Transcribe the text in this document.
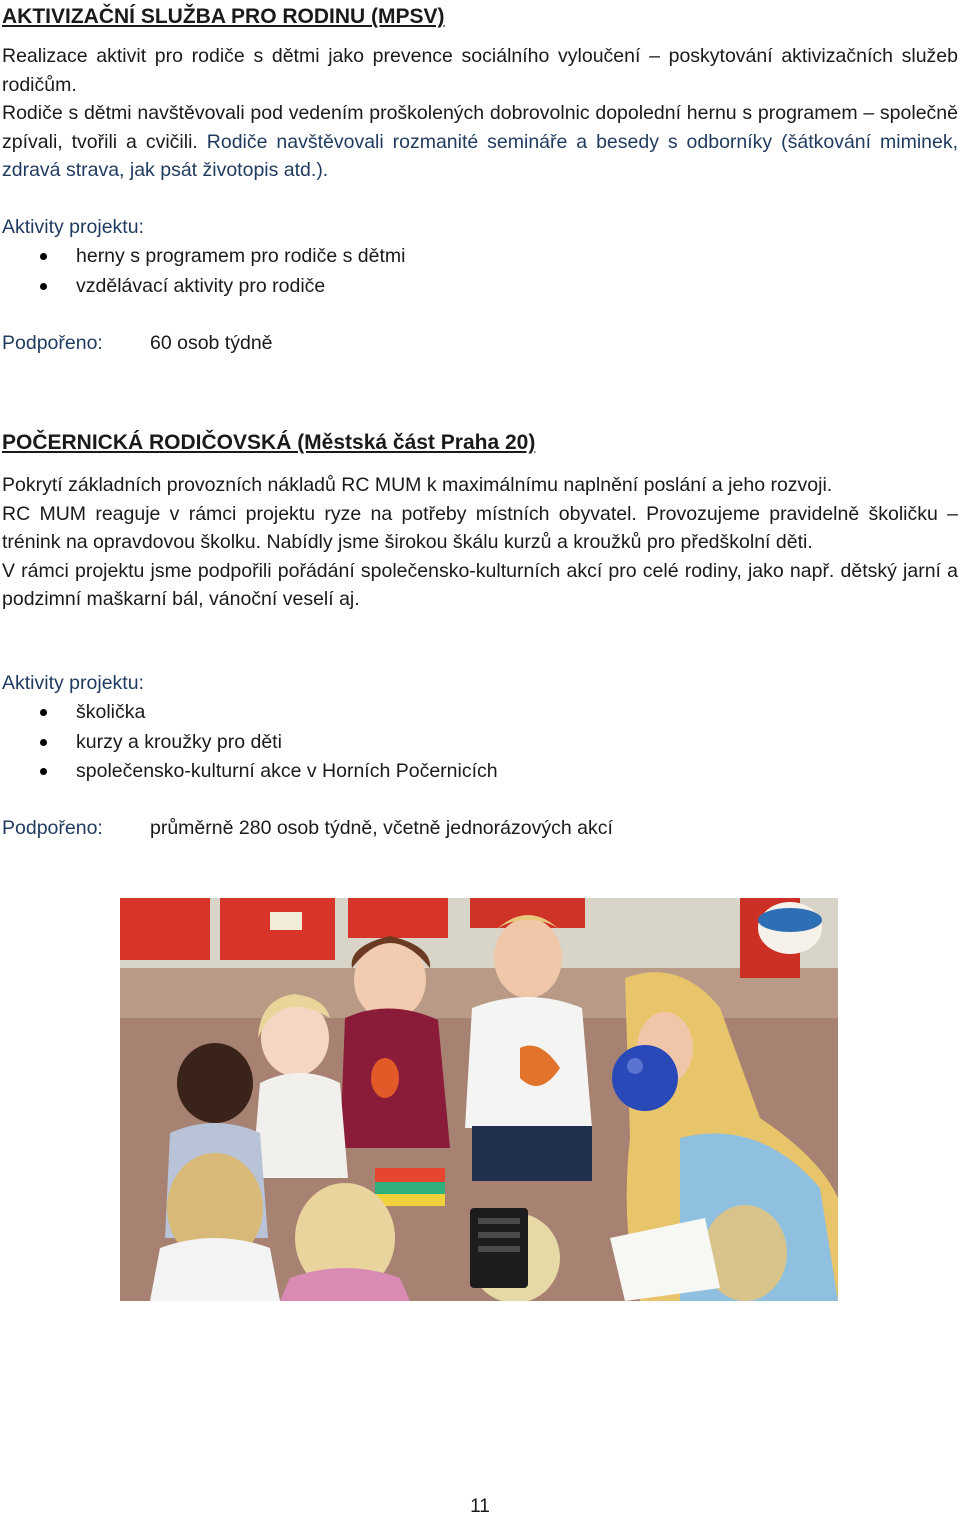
AKTIVIZAČNÍ SLUŽBA PRO RODINU (MPSV)

Realizace aktivit pro rodiče s dětmi jako prevence sociálního vyloučení – poskytování aktivizačních služeb rodičům.

Rodiče s dětmi navštěvovali pod vedením proškolených dobrovolnic dopolední hernu s programem – společně zpívali, tvořili a cvičili. Rodiče navštěvovali rozmanité semináře a besedy s odborníky (šátkování miminek, zdravá strava, jak psát životopis atd.).

Aktivity projektu:
herny s programem pro rodiče s dětmi
vzdělávací aktivity pro rodiče
Podpořeno:	60 osob týdně
POČERNICKÁ RODIČOVSKÁ (Městská část Praha 20)

Pokrytí základních provozních nákladů RC MUM k maximálnímu naplnění poslání a jeho rozvoji.

RC MUM reaguje v rámci projektu ryze na potřeby místních obyvatel. Provozujeme pravidelně školičku – trénink na opravdovou školku. Nabídly jsme širokou škálu kurzů a kroužků pro předškolní děti.

V rámci projektu jsme podpořili pořádání společensko-kulturních akcí pro celé rodiny, jako např. dětský jarní a podzimní maškarní bál, vánoční veselí aj.

Aktivity projektu:
školička
kurzy a kroužky pro děti
společensko-kulturní akce v Horních Počernicích
Podpořeno:	průměrně 280 osob týdně, včetně jednorázových akcí
11
